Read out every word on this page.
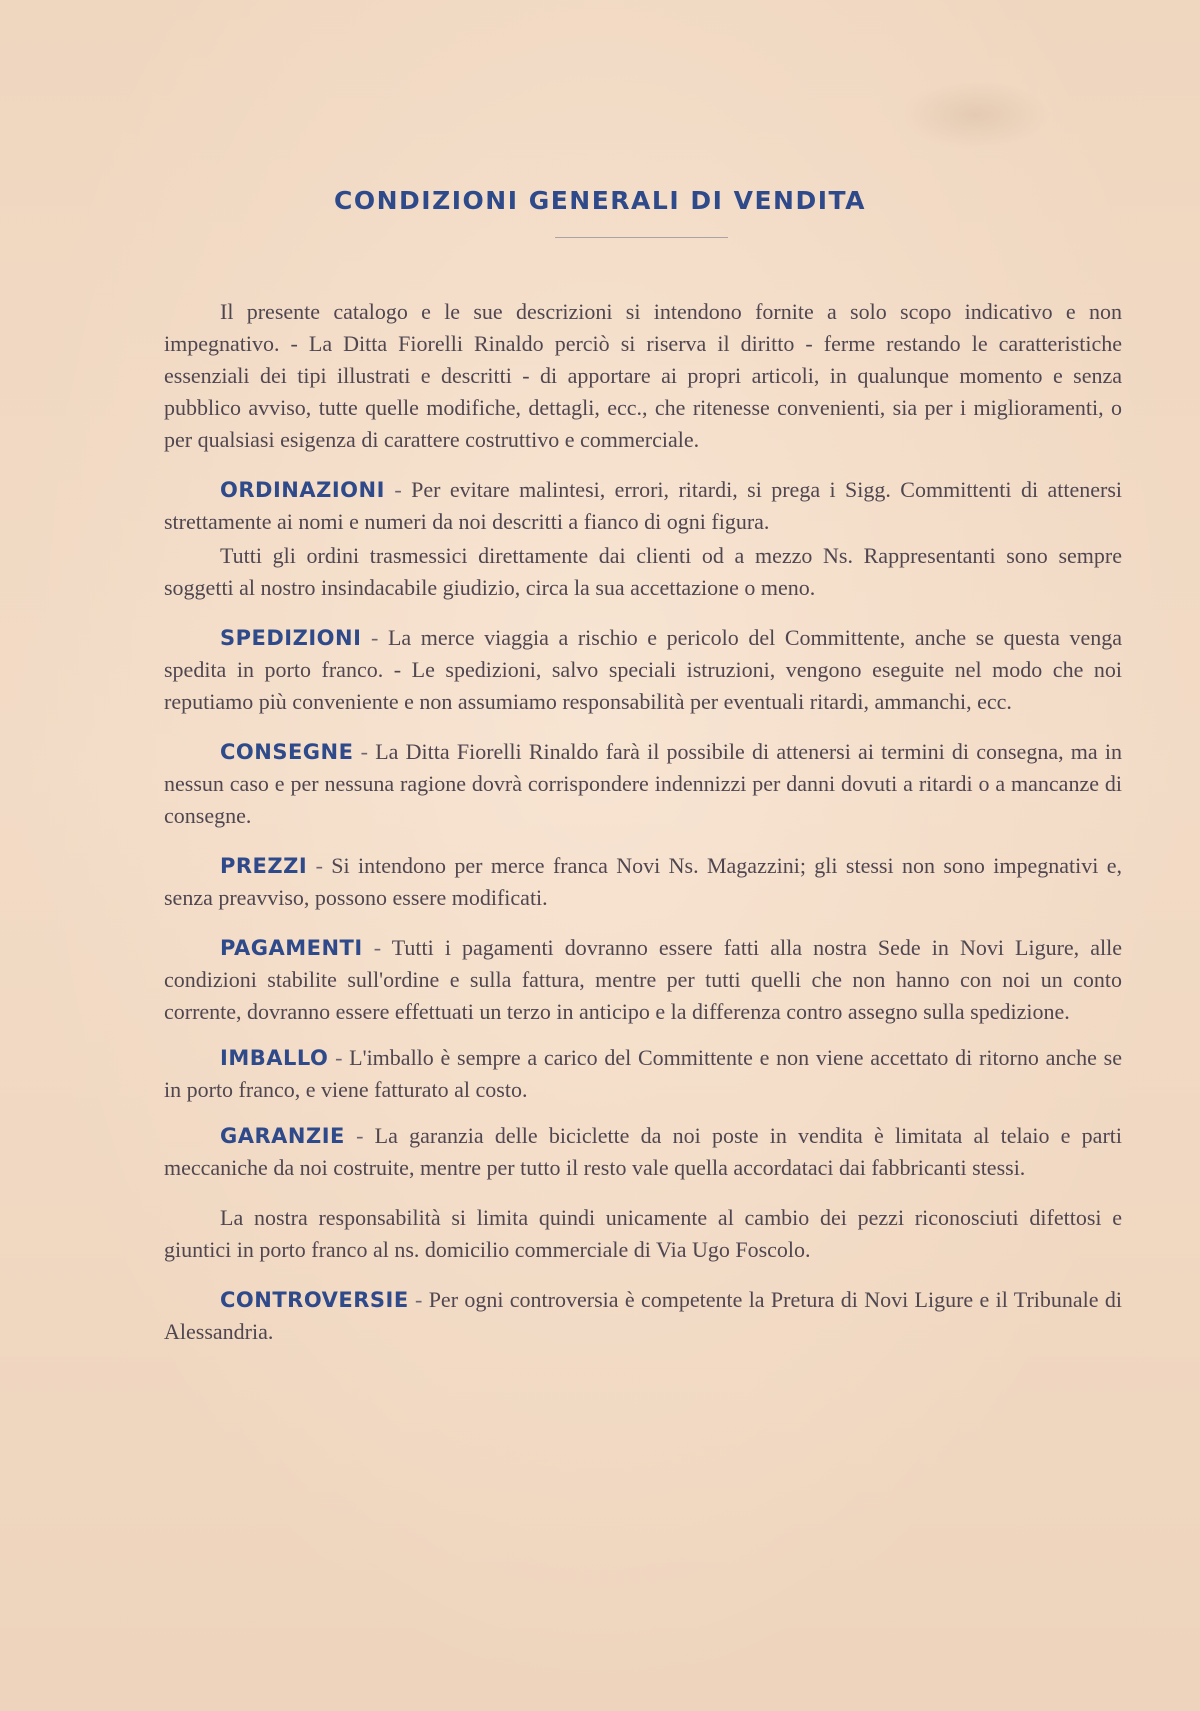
CONDIZIONI GENERALI DI VENDITA

Il presente catalogo e le sue descrizioni si intendono fornite a solo scopo indicativo e non impegnativo. - La Ditta Fiorelli Rinaldo perciò si riserva il diritto - ferme restando le caratteristiche essenziali dei tipi illustrati e descritti - di apportare ai propri articoli, in qualunque momento e senza pubblico avviso, tutte quelle modifiche, dettagli, ecc., che ritenesse convenienti, sia per i miglioramenti, o per qualsiasi esigenza di carattere costruttivo e commerciale.

ORDINAZIONI - Per evitare malintesi, errori, ritardi, si prega i Sigg. Committenti di attenersi strettamente ai nomi e numeri da noi descritti a fianco di ogni figura.

Tutti gli ordini trasmessici direttamente dai clienti od a mezzo Ns. Rappresentanti sono sempre soggetti al nostro insindacabile giudizio, circa la sua accettazione o meno.

SPEDIZIONI - La merce viaggia a rischio e pericolo del Committente, anche se questa venga spedita in porto franco. - Le spedizioni, salvo speciali istruzioni, vengono eseguite nel modo che noi reputiamo più conveniente e non assumiamo responsabilità per eventuali ritardi, ammanchi, ecc.

CONSEGNE - La Ditta Fiorelli Rinaldo farà il possibile di attenersi ai termini di consegna, ma in nessun caso e per nessuna ragione dovrà corrispondere indennizzi per danni dovuti a ritardi o a mancanze di consegne.

PREZZI - Si intendono per merce franca Novi Ns. Magazzini; gli stessi non sono impegnativi e, senza preavviso, possono essere modificati.

PAGAMENTI - Tutti i pagamenti dovranno essere fatti alla nostra Sede in Novi Ligure, alle condizioni stabilite sull'ordine e sulla fattura, mentre per tutti quelli che non hanno con noi un conto corrente, dovranno essere effettuati un terzo in anticipo e la differenza contro assegno sulla spedizione.

IMBALLO - L'imballo è sempre a carico del Committente e non viene accettato di ritorno anche se in porto franco, e viene fatturato al costo.

GARANZIE - La garanzia delle biciclette da noi poste in vendita è limitata al telaio e parti meccaniche da noi costruite, mentre per tutto il resto vale quella accordataci dai fabbricanti stessi.

La nostra responsabilità si limita quindi unicamente al cambio dei pezzi riconosciuti difettosi e giuntici in porto franco al ns. domicilio commerciale di Via Ugo Foscolo.

CONTROVERSIE - Per ogni controversia è competente la Pretura di Novi Ligure e il Tribunale di Alessandria.
